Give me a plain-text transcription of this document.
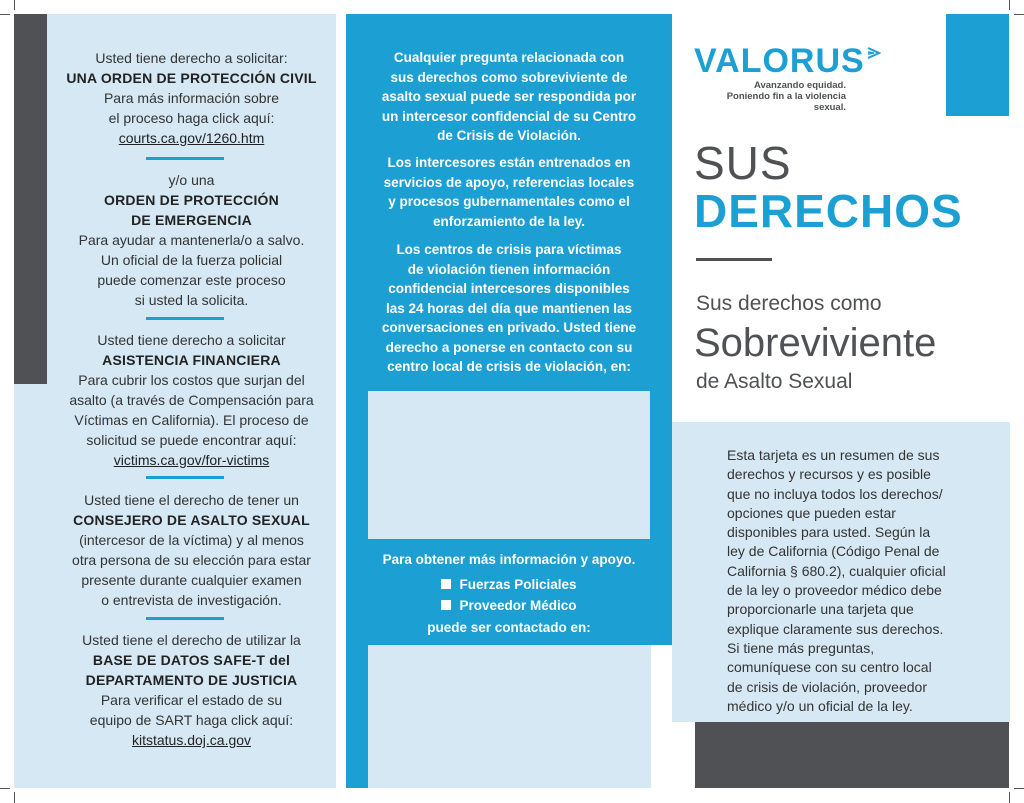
Usted tiene derecho a solicitar:
UNA ORDEN DE PROTECCIÓN CIVIL
Para más información sobre
el proceso haga click aquí:
courts.ca.gov/1260.htm
y/o una
ORDEN DE PROTECCIÓN
DE EMERGENCIA
Para ayudar a mantenerla/o a salvo.
Un oficial de la fuerza policial
puede comenzar este proceso
si usted la solicita.
Usted tiene derecho a solicitar
ASISTENCIA FINANCIERA
Para cubrir los costos que surjan del
asalto (a través de Compensación para
Víctimas en California). El proceso de
solicitud se puede encontrar aquí:
victims.ca.gov/for-victims
Usted tiene el derecho de tener un
CONSEJERO DE ASALTO SEXUAL
(intercesor de la víctima) y al menos
otra persona de su elección para estar
presente durante cualquier examen
o entrevista de investigación.
Usted tiene el derecho de utilizar la
BASE DE DATOS SAFE-T del
DEPARTAMENTO DE JUSTICIA
Para verificar el estado de su
equipo de SART haga click aquí:
kitstatus.doj.ca.gov
Cualquier pregunta relacionada con
sus derechos como sobreviviente de
asalto sexual puede ser respondida por
un intercesor confidencial de su Centro
de Crisis de Violación.
Los intercesores están entrenados en
servicios de apoyo, referencias locales
y procesos gubernamentales como el
enforzamiento de la ley.
Los centros de crisis para víctimas
de violación tienen información
confidencial intercesores disponibles
las 24 horas del día que mantienen las
conversaciones en privado. Usted tiene
derecho a ponerse en contacto con su
centro local de crisis de violación, en:
Para obtener más información y apoyo.
Fuerzas Policiales
Proveedor Médico
puede ser contactado en:
VALORUS
Avanzando equidad.
Poniendo fin a la violencia sexual.
SUS
DERECHOS
Sus derechos como
Sobreviviente
de Asalto Sexual
Esta tarjeta es un resumen de sus
derechos y recursos y es posible
que no incluya todos los derechos/
opciones que pueden estar
disponibles para usted. Según la
ley de California (Código Penal de
California § 680.2), cualquier oficial
de la ley o proveedor médico debe
proporcionarle una tarjeta que
explique claramente sus derechos.
Si tiene más preguntas,
comuníquese con su centro local
de crisis de violación, proveedor
médico y/o un oficial de la ley.
